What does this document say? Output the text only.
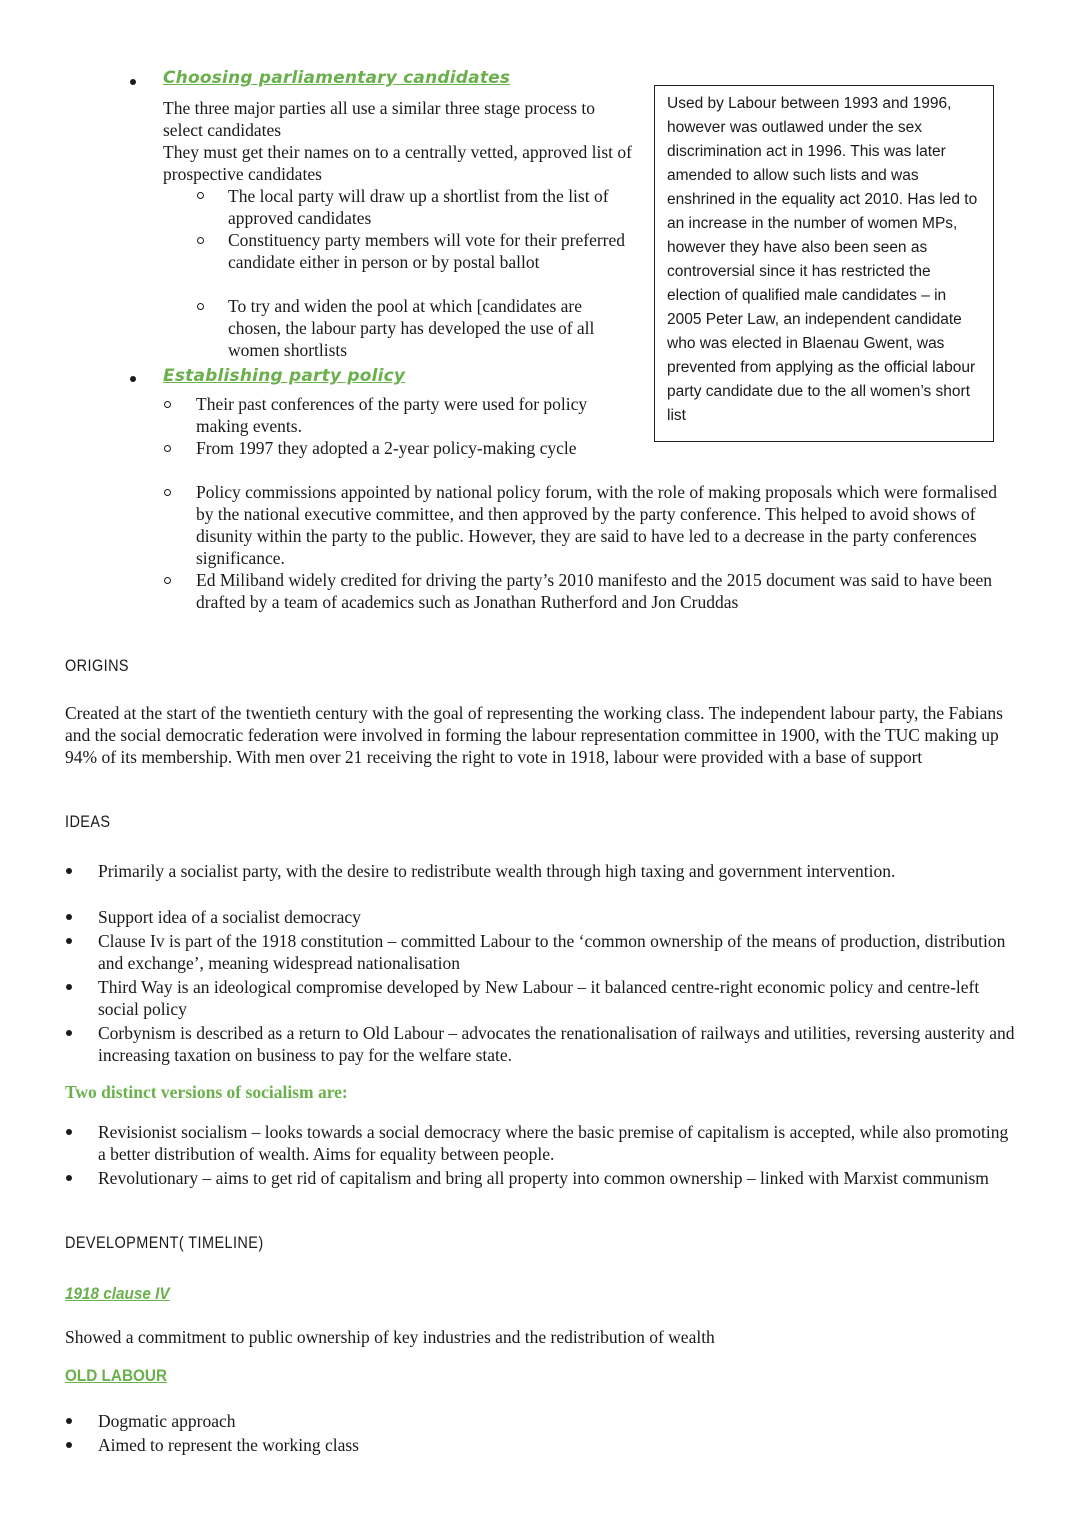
Choosing parliamentary candidates
The three major parties all use a similar three stage process to select candidates
They must get their names on to a centrally vetted, approved list of prospective candidates
The local party will draw up a shortlist from the list of approved candidates
Constituency party members will vote for their preferred candidate either in person or by postal ballot
To try and widen the pool at which [candidates are chosen, the labour party has developed the use of all women shortlists
Used by Labour between 1993 and 1996, however was outlawed under the sex discrimination act in 1996. This was later amended to allow such lists and was enshrined in the equality act 2010. Has led to an increase in the number of women MPs, however they have also been seen as controversial since it has restricted the election of qualified male candidates – in 2005 Peter Law, an independent candidate who was elected in Blaenau Gwent, was prevented from applying as the official labour party candidate due to the all women’s short list
Establishing party policy
Their past conferences of the party were used for policy making events.
From 1997 they adopted a 2-year policy-making cycle
Policy commissions appointed by national policy forum, with the role of making proposals which were formalised by the national executive committee, and then approved by the party conference. This helped to avoid shows of disunity within the party to the public. However, they are said to have led to a decrease in the party conferences significance.
Ed Miliband widely credited for driving the party’s 2010 manifesto and the 2015 document was said to have been drafted by a team of academics such as Jonathan Rutherford and Jon Cruddas
ORIGINS
Created at the start of the twentieth century with the goal of representing the working class. The independent labour party, the Fabians and the social democratic federation were involved in forming the labour representation committee in 1900, with the TUC making up 94% of its membership. With men over 21 receiving the right to vote in 1918, labour were provided with a base of support
IDEAS
Primarily a socialist party, with the desire to redistribute wealth through high taxing and government intervention.
Support idea of a socialist democracy
Clause Iv is part of the 1918 constitution – committed Labour to the ‘common ownership of the means of production, distribution and exchange’, meaning widespread nationalisation
Third Way is an ideological compromise developed by New Labour – it balanced centre-right economic policy and centre-left social policy
Corbynism is described as a return to Old Labour – advocates the renationalisation of railways and utilities, reversing austerity and increasing taxation on business to pay for the welfare state.
Two distinct versions of socialism are:
Revisionist socialism – looks towards a social democracy where the basic premise of capitalism is accepted, while also promoting a better distribution of wealth. Aims for equality between people.
Revolutionary – aims to get rid of capitalism and bring all property into common ownership – linked with Marxist communism
DEVELOPMENT( TIMELINE)
1918 clause IV
Showed a commitment to public ownership of key industries and the redistribution of wealth
OLD LABOUR
Dogmatic approach
Aimed to represent the working class
